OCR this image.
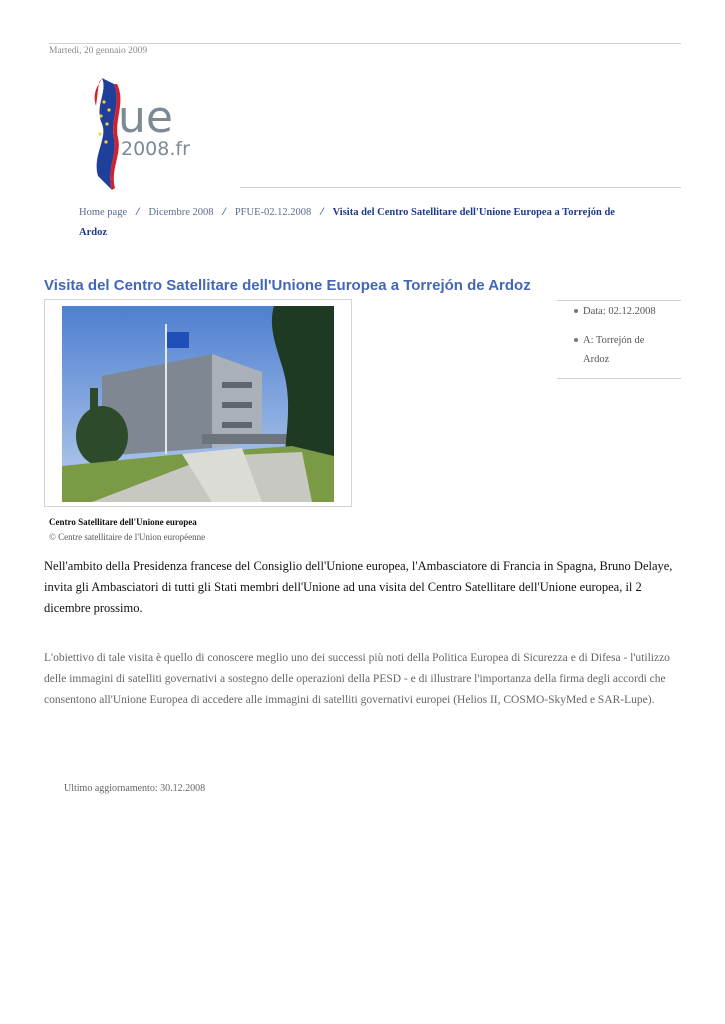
Martedì, 20 gennaio 2009
ue
2008.fr
Home page / Dicembre 2008 / PFUE-02.12.2008 / Visita del Centro Satellitare dell'Unione Europea a Torrejón de
Ardoz
Visita del Centro Satellitare dell'Unione Europea a Torrejón de Ardoz
Centro Satellitare dell'Unione europea
© Centre satellitaire de l'Union européenne
Data: 02.12.2008
A: Torrejón de
Ardoz
Nell'ambito della Presidenza francese del Consiglio dell'Unione europea, l'Ambasciatore di Francia in Spagna, Bruno Delaye, invita gli Ambasciatori di tutti gli Stati membri dell'Unione ad una visita del Centro Satellitare dell'Unione europea, il 2 dicembre prossimo.
L'obiettivo di tale visita è quello di conoscere meglio uno dei successi più noti della Politica Europea di Sicurezza e di Difesa - l'utilizzo delle immagini di satelliti governativi a sostegno delle operazioni della PESD - e di illustrare l'importanza della firma degli accordi che consentono all'Unione Europea di accedere alle immagini di satelliti governativi europei (Helios II, COSMO-SkyMed e SAR-Lupe).
Ultimo aggiornamento: 30.12.2008
